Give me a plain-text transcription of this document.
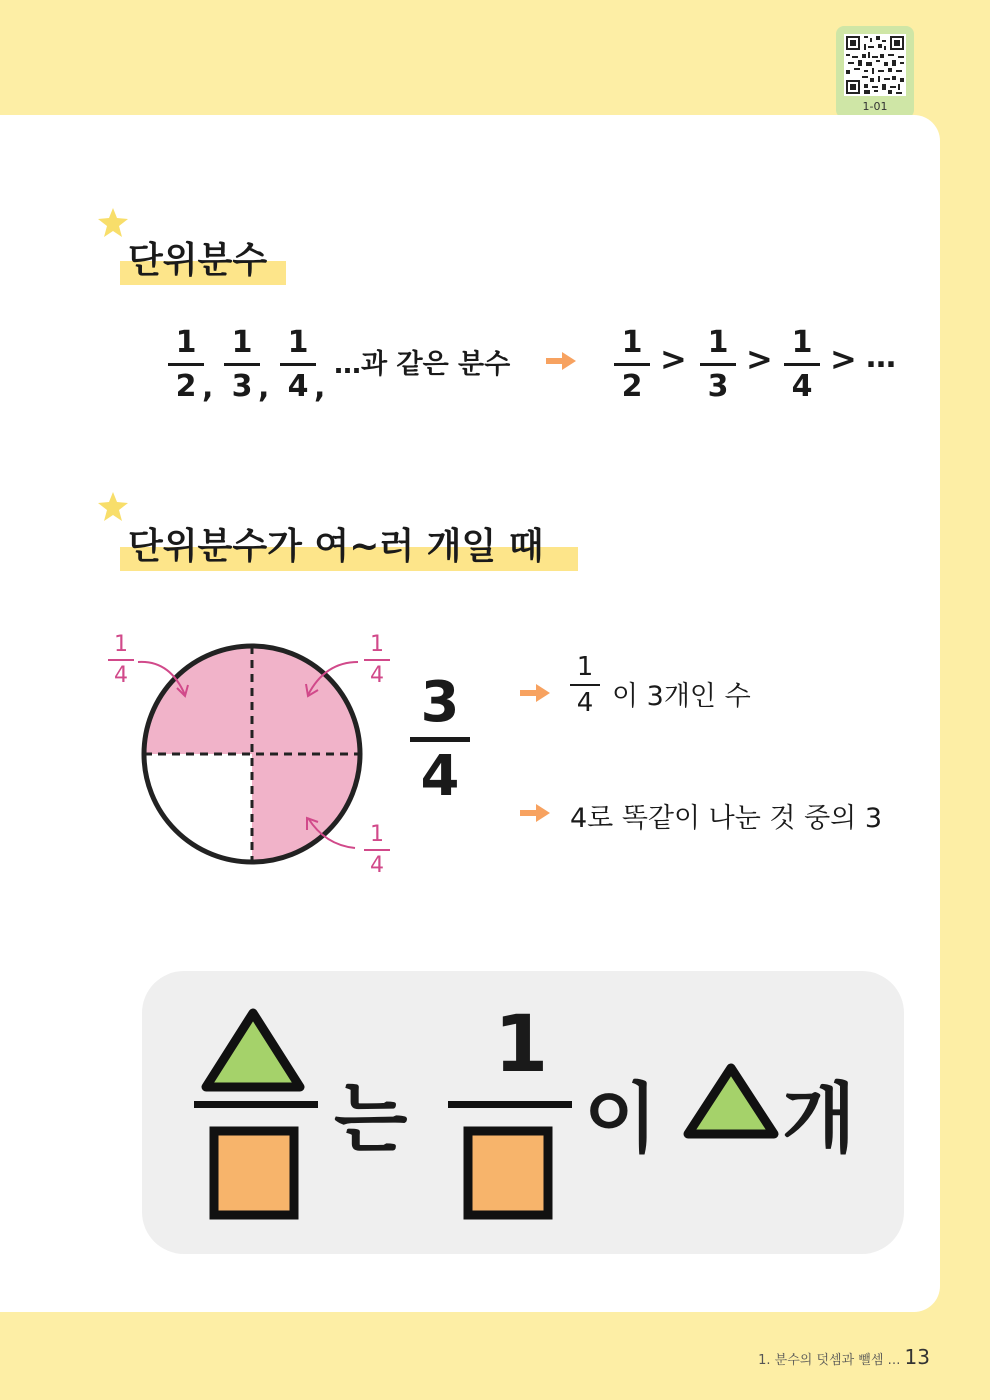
1-01
단위분수
1
2 ,
1
3 ,
1
4 ,
…과 같은 분수
1
2
> 1
3
> 1
4
> …
단위분수가 여~러 개일 때
1
4
1
4
1
4
3
4
1
4 이 3개인 수
4로 똑같이 나눈 것 중의 3
는
1
이 개
1. 분수의 덧셈과 뺄셈 … 13
